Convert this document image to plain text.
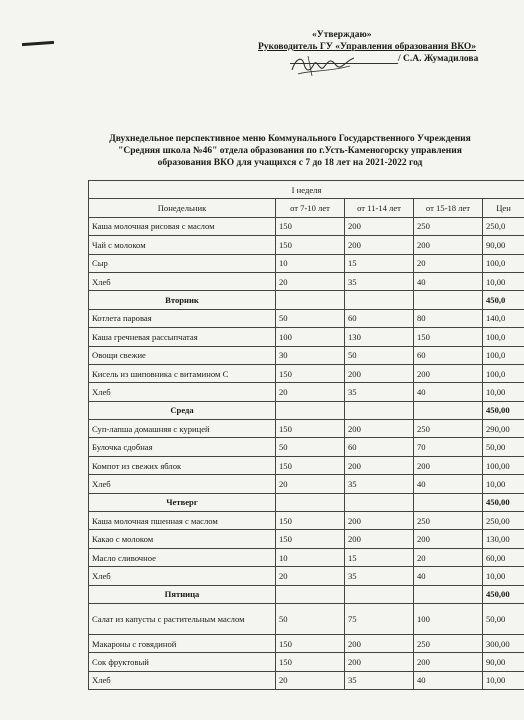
«Утверждаю»
Руководитель ГУ «Управления образования ВКО»
/ С.А. Жумадилова
Двухнедельное перспективное меню Коммунального Государственного Учреждения
"Средняя школа №46" отдела образования по г.Усть-Каменогорску управления
образования ВКО для учащихся с 7 до 18 лет на 2021-2022 год
I неделя				
Понедельник	от 7-10 лет	от 11-14 лет	от 15-18 лет	Цен
Каша молочная рисовая с маслом	150	200	250	250,0
Чай с молоком	150	200	200	90,00
Сыр	10	15	20	100,0
Хлеб	20	35	40	10,00
Вторник				450,0
Котлета паровая	50	60	80	140,0
Каша гречневая рассыпчатая	100	130	150	100,0
Овощи свежие	30	50	60	100,0
Кисель из шиповника с витамином С	150	200	200	100,0
Хлеб	20	35	40	10,00
Среда				450,00
Суп-лапша домашняя с курицей	150	200	250	290,00
Булочка сдобная	50	60	70	50,00
Компот из свежих яблок	150	200	200	100,00
Хлеб	20	35	40	10,00
Четверг				450,00
Каша молочная пшенная с маслом	150	200	250	250,00
Какао с молоком	150	200	200	130,00
Масло сливочное	10	15	20	60,00
Хлеб	20	35	40	10,00
Пятница				450,00
Салат из капусты с растительным маслом	50	75	100	50,00
Макароны с говядиной	150	200	250	300,00
Сок фруктовый	150	200	200	90,00
Хлеб	20	35	40	10,00
